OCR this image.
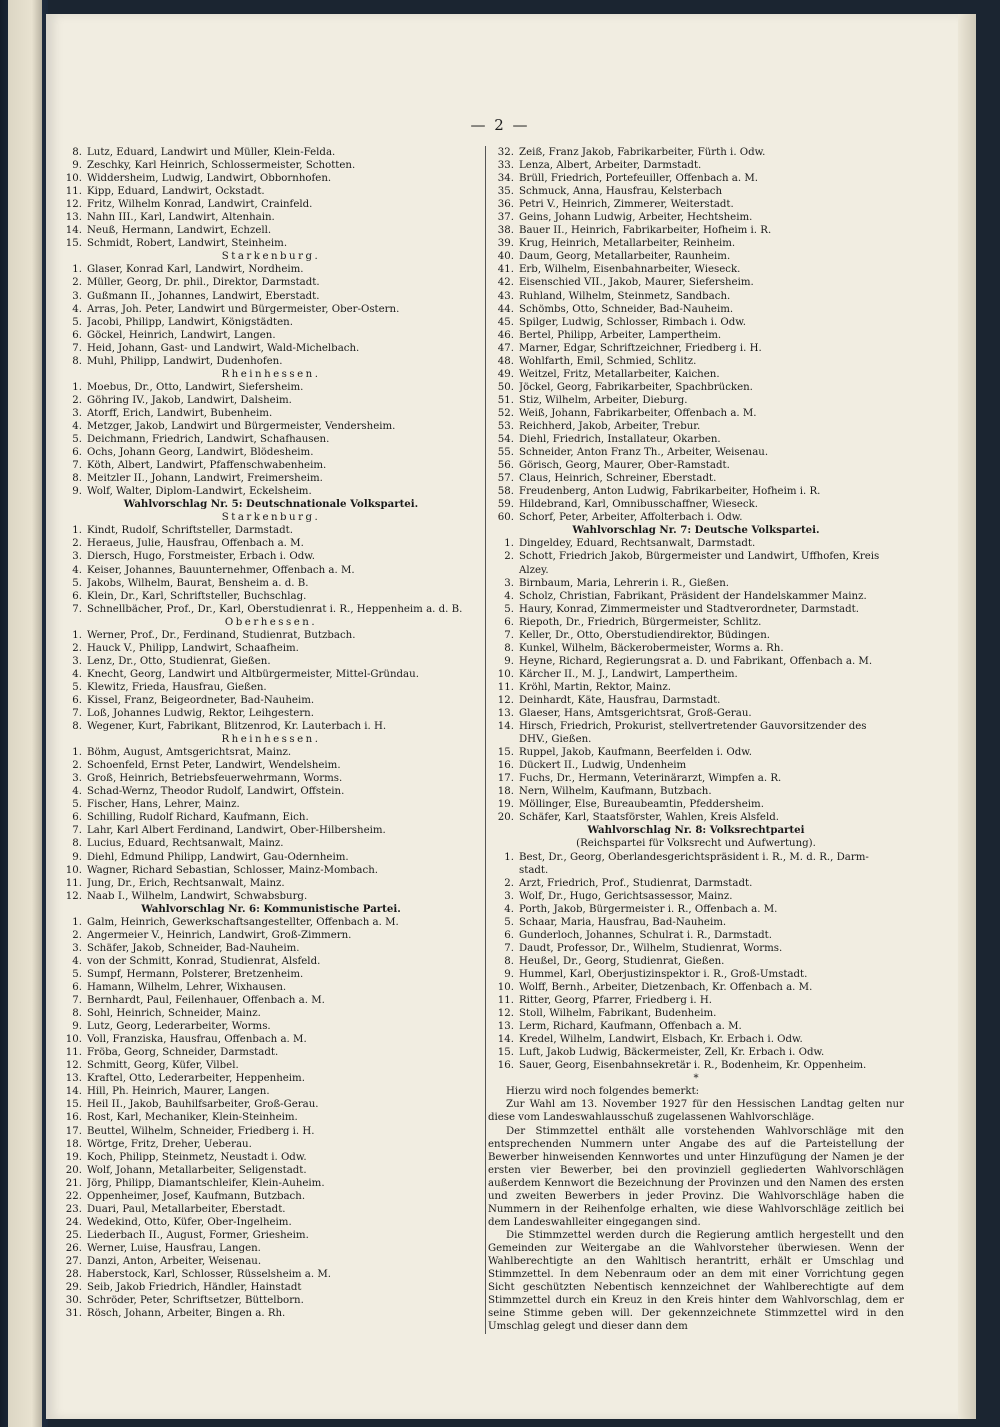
— 2 —
8. Lutz, Eduard, Landwirt und Müller, Klein-Felda.
9. Zeschky, Karl Heinrich, Schlossermeister, Schotten.
10. Widdersheim, Ludwig, Landwirt, Obbornhofen.
11. Kipp, Eduard, Landwirt, Ockstadt.
12. Fritz, Wilhelm Konrad, Landwirt, Crainfeld.
13. Nahn III., Karl, Landwirt, Altenhain.
14. Neuß, Hermann, Landwirt, Echzell.
15. Schmidt, Robert, Landwirt, Steinheim.
Starkenburg.
1. Glaser, Konrad Karl, Landwirt, Nordheim.
2. Müller, Georg, Dr. phil., Direktor, Darmstadt.
3. Gußmann II., Johannes, Landwirt, Eberstadt.
4. Arras, Joh. Peter, Landwirt und Bürgermeister, Ober-Ostern.
5. Jacobi, Philipp, Landwirt, Königstädten.
6. Göckel, Heinrich, Landwirt, Langen.
7. Heid, Johann, Gast- und Landwirt, Wald-Michelbach.
8. Muhl, Philipp, Landwirt, Dudenhofen.
Rheinhessen.
1. Moebus, Dr., Otto, Landwirt, Siefersheim.
2. Göhring IV., Jakob, Landwirt, Dalsheim.
3. Atorff, Erich, Landwirt, Bubenheim.
4. Metzger, Jakob, Landwirt und Bürgermeister, Vendersheim.
5. Deichmann, Friedrich, Landwirt, Schafhausen.
6. Ochs, Johann Georg, Landwirt, Blödesheim.
7. Köth, Albert, Landwirt, Pfaffenschwabenheim.
8. Meitzler II., Johann, Landwirt, Freimersheim.
9. Wolf, Walter, Diplom-Landwirt, Eckelsheim.
Wahlvorschlag Nr. 5: Deutschnationale Volkspartei.
Starkenburg.
1. Kindt, Rudolf, Schriftsteller, Darmstadt.
2. Heraeus, Julie, Hausfrau, Offenbach a. M.
3. Diersch, Hugo, Forstmeister, Erbach i. Odw.
4. Keiser, Johannes, Bauunternehmer, Offenbach a. M.
5. Jakobs, Wilhelm, Baurat, Bensheim a. d. B.
6. Klein, Dr., Karl, Schriftsteller, Buchschlag.
7. Schnellbächer, Prof., Dr., Karl, Oberstudienrat i. R., Heppenheim a. d. B.
Oberhessen.
1. Werner, Prof., Dr., Ferdinand, Studienrat, Butzbach.
2. Hauck V., Philipp, Landwirt, Schaafheim.
3. Lenz, Dr., Otto, Studienrat, Gießen.
4. Knecht, Georg, Landwirt und Altbürgermeister, Mittel-Gründau.
5. Klewitz, Frieda, Hausfrau, Gießen.
6. Kissel, Franz, Beigeordneter, Bad-Nauheim.
7. Loß, Johannes Ludwig, Rektor, Leihgestern.
8. Wegener, Kurt, Fabrikant, Blitzenrod, Kr. Lauterbach i. H.
Rheinhessen.
1. Böhm, August, Amtsgerichtsrat, Mainz.
2. Schoenfeld, Ernst Peter, Landwirt, Wendelsheim.
3. Groß, Heinrich, Betriebsfeuerwehrmann, Worms.
4. Schad-Wernz, Theodor Rudolf, Landwirt, Offstein.
5. Fischer, Hans, Lehrer, Mainz.
6. Schilling, Rudolf Richard, Kaufmann, Eich.
7. Lahr, Karl Albert Ferdinand, Landwirt, Ober-Hilbersheim.
8. Lucius, Eduard, Rechtsanwalt, Mainz.
9. Diehl, Edmund Philipp, Landwirt, Gau-Odernheim.
10. Wagner, Richard Sebastian, Schlosser, Mainz-Mombach.
11. Jung, Dr., Erich, Rechtsanwalt, Mainz.
12. Naab I., Wilhelm, Landwirt, Schwabsburg.
Wahlvorschlag Nr. 6: Kommunistische Partei.
1. Galm, Heinrich, Gewerkschaftsangestellter, Offenbach a. M.
2. Angermeier V., Heinrich, Landwirt, Groß-Zimmern.
3. Schäfer, Jakob, Schneider, Bad-Nauheim.
4. von der Schmitt, Konrad, Studienrat, Alsfeld.
5. Sumpf, Hermann, Polsterer, Bretzenheim.
6. Hamann, Wilhelm, Lehrer, Wixhausen.
7. Bernhardt, Paul, Feilenhauer, Offenbach a. M.
8. Sohl, Heinrich, Schneider, Mainz.
9. Lutz, Georg, Lederarbeiter, Worms.
10. Voll, Franziska, Hausfrau, Offenbach a. M.
11. Fröba, Georg, Schneider, Darmstadt.
12. Schmitt, Georg, Küfer, Vilbel.
13. Kraftel, Otto, Lederarbeiter, Heppenheim.
14. Hill, Ph. Heinrich, Maurer, Langen.
15. Heil II., Jakob, Bauhilfsarbeiter, Groß-Gerau.
16. Rost, Karl, Mechaniker, Klein-Steinheim.
17. Beuttel, Wilhelm, Schneider, Friedberg i. H.
18. Wörtge, Fritz, Dreher, Ueberau.
19. Koch, Philipp, Steinmetz, Neustadt i. Odw.
20. Wolf, Johann, Metallarbeiter, Seligenstadt.
21. Jörg, Philipp, Diamantschleifer, Klein-Auheim.
22. Oppenheimer, Josef, Kaufmann, Butzbach.
23. Duari, Paul, Metallarbeiter, Eberstadt.
24. Wedekind, Otto, Küfer, Ober-Ingelheim.
25. Liederbach II., August, Former, Griesheim.
26. Werner, Luise, Hausfrau, Langen.
27. Danzi, Anton, Arbeiter, Weisenau.
28. Haberstock, Karl, Schlosser, Rüsselsheim a. M.
29. Seib, Jakob Friedrich, Händler, Hainstadt
30. Schröder, Peter, Schriftsetzer, Büttelborn.
31. Rösch, Johann, Arbeiter, Bingen a. Rh.
32. Zeiß, Franz Jakob, Fabrikarbeiter, Fürth i. Odw.
33. Lenza, Albert, Arbeiter, Darmstadt.
34. Brüll, Friedrich, Portefeuiller, Offenbach a. M.
35. Schmuck, Anna, Hausfrau, Kelsterbach
36. Petri V., Heinrich, Zimmerer, Weiterstadt.
37. Geins, Johann Ludwig, Arbeiter, Hechtsheim.
38. Bauer II., Heinrich, Fabrikarbeiter, Hofheim i. R.
39. Krug, Heinrich, Metallarbeiter, Reinheim.
40. Daum, Georg, Metallarbeiter, Raunheim.
41. Erb, Wilhelm, Eisenbahnarbeiter, Wieseck.
42. Eisenschied VII., Jakob, Maurer, Siefersheim.
43. Ruhland, Wilhelm, Steinmetz, Sandbach.
44. Schömbs, Otto, Schneider, Bad-Nauheim.
45. Spilger, Ludwig, Schlosser, Rimbach i. Odw.
46. Bertel, Philipp, Arbeiter, Lampertheim.
47. Marner, Edgar, Schriftzeichner, Friedberg i. H.
48. Wohlfarth, Emil, Schmied, Schlitz.
49. Weitzel, Fritz, Metallarbeiter, Kaichen.
50. Jöckel, Georg, Fabrikarbeiter, Spachbrücken.
51. Stiz, Wilhelm, Arbeiter, Dieburg.
52. Weiß, Johann, Fabrikarbeiter, Offenbach a. M.
53. Reichherd, Jakob, Arbeiter, Trebur.
54. Diehl, Friedrich, Installateur, Okarben.
55. Schneider, Anton Franz Th., Arbeiter, Weisenau.
56. Görisch, Georg, Maurer, Ober-Ramstadt.
57. Claus, Heinrich, Schreiner, Eberstadt.
58. Freudenberg, Anton Ludwig, Fabrikarbeiter, Hofheim i. R.
59. Hildebrand, Karl, Omnibusschaffner, Wieseck.
60. Schorf, Peter, Arbeiter, Affolterbach i. Odw.
Wahlvorschlag Nr. 7: Deutsche Volkspartei.
1. Dingeldey, Eduard, Rechtsanwalt, Darmstadt.
2. Schott, Friedrich Jakob, Bürgermeister und Landwirt, Uffhofen, Kreis
Alzey.
3. Birnbaum, Maria, Lehrerin i. R., Gießen.
4. Scholz, Christian, Fabrikant, Präsident der Handelskammer Mainz.
5. Haury, Konrad, Zimmermeister und Stadtverordneter, Darmstadt.
6. Riepoth, Dr., Friedrich, Bürgermeister, Schlitz.
7. Keller, Dr., Otto, Oberstudiendirektor, Büdingen.
8. Kunkel, Wilhelm, Bäckerobermeister, Worms a. Rh.
9. Heyne, Richard, Regierungsrat a. D. und Fabrikant, Offenbach a. M.
10. Kärcher II., M. J., Landwirt, Lampertheim.
11. Kröhl, Martin, Rektor, Mainz.
12. Deinhardt, Käte, Hausfrau, Darmstadt.
13. Glaeser, Hans, Amtsgerichtsrat, Groß-Gerau.
14. Hirsch, Friedrich, Prokurist, stellvertretender Gauvorsitzender des
DHV., Gießen.
15. Ruppel, Jakob, Kaufmann, Beerfelden i. Odw.
16. Dückert II., Ludwig, Undenheim
17. Fuchs, Dr., Hermann, Veterinärarzt, Wimpfen a. R.
18. Nern, Wilhelm, Kaufmann, Butzbach.
19. Möllinger, Else, Bureaubeamtin, Pfeddersheim.
20. Schäfer, Karl, Staatsförster, Wahlen, Kreis Alsfeld.
Wahlvorschlag Nr. 8: Volksrechtpartei
(Reichspartei für Volksrecht und Aufwertung).
1. Best, Dr., Georg, Oberlandesgerichtspräsident i. R., M. d. R., Darm-
stadt.
2. Arzt, Friedrich, Prof., Studienrat, Darmstadt.
3. Wolf, Dr., Hugo, Gerichtsassessor, Mainz.
4. Porth, Jakob, Bürgermeister i. R., Offenbach a. M.
5. Schaar, Maria, Hausfrau, Bad-Nauheim.
6. Gunderloch, Johannes, Schulrat i. R., Darmstadt.
7. Daudt, Professor, Dr., Wilhelm, Studienrat, Worms.
8. Heußel, Dr., Georg, Studienrat, Gießen.
9. Hummel, Karl, Oberjustizinspektor i. R., Groß-Umstadt.
10. Wolff, Bernh., Arbeiter, Dietzenbach, Kr. Offenbach a. M.
11. Ritter, Georg, Pfarrer, Friedberg i. H.
12. Stoll, Wilhelm, Fabrikant, Budenheim.
13. Lerm, Richard, Kaufmann, Offenbach a. M.
14. Kredel, Wilhelm, Landwirt, Elsbach, Kr. Erbach i. Odw.
15. Luft, Jakob Ludwig, Bäckermeister, Zell, Kr. Erbach i. Odw.
16. Sauer, Georg, Eisenbahnsekretär i. R., Bodenheim, Kr. Oppenheim.
*
Hierzu wird noch folgendes bemerkt:
Zur Wahl am 13. November 1927 für den Hessischen Landtag gelten nur diese vom Landeswahlausschuß zugelassenen Wahlvorschläge.
Der Stimmzettel enthält alle vorstehenden Wahlvorschläge mit den entsprechenden Nummern unter Angabe des auf die Parteistellung der Bewerber hinweisenden Kennwortes und unter Hinzufügung der Namen je der ersten vier Bewerber, bei den provinziell gegliederten Wahlvorschlägen außerdem Kennwort die Bezeichnung der Provinzen und den Namen des ersten und zweiten Bewerbers in jeder Provinz. Die Wahlvorschläge haben die Nummern in der Reihenfolge erhalten, wie diese Wahlvorschläge zeitlich bei dem Landeswahlleiter eingegangen sind.
Die Stimmzettel werden durch die Regierung amtlich hergestellt und den Gemeinden zur Weitergabe an die Wahlvorsteher überwiesen. Wenn der Wahlberechtigte an den Wahltisch herantritt, erhält er Umschlag und Stimmzettel. In dem Nebenraum oder an dem mit einer Vorrichtung gegen Sicht geschützten Nebentisch kennzeichnet der Wahlberechtigte auf dem Stimmzettel durch ein Kreuz in den Kreis hinter dem Wahlvorschlag, dem er seine Stimme geben will. Der gekennzeichnete Stimmzettel wird in den Umschlag gelegt und dieser dann dem
